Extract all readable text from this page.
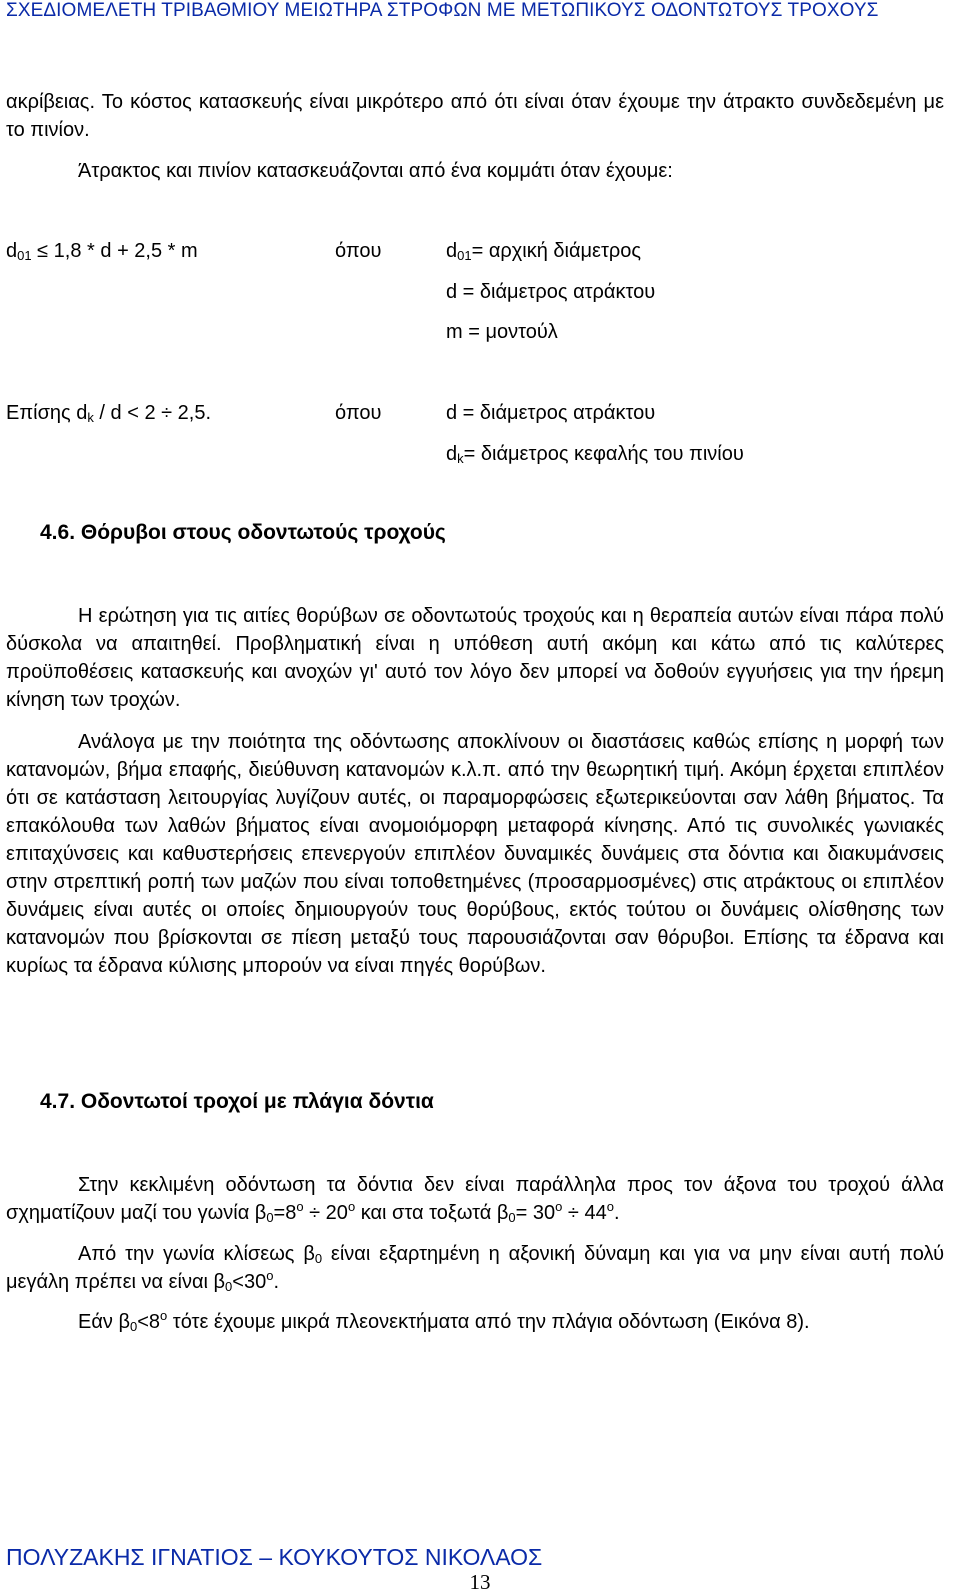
ΣΧΕΔΙΟΜΕΛΕΤΗ ΤΡΙΒΑΘΜΙΟΥ ΜΕΙΩΤΗΡΑ ΣΤΡΟΦΩΝ ΜΕ ΜΕΤΩΠΙΚΟΥΣ ΟΔΟΝΤΩΤΟΥΣ ΤΡΟΧΟΥΣ
ακρίβειας. Το κόστος κατασκευής είναι μικρότερο από ότι είναι όταν έχουμε την άτρακτο συνδεδεμένη με το πινίον.
Άτρακτος και πινίον κατασκευάζονται από ένα κομμάτι όταν έχουμε:
$d_{01} \le 1,8 * d + 2,5 * m$	όπου	$d_{01}= \alpha\rho\chi\iota\kappa ή$ διάμετρος
d = διάμετρος ατράκτου
m = μοντούλ
Επίσης $d_k / d < 2 \div 2,5$.	όπου	d = διάμετρος ατράκτου
$d_k= \delta\iota ά\mu\varepsilon\tau\rho o\varsigma$ κεφαλής του πινίου
4.6. Θόρυβοι στους οδοντωτούς τροχούς
Η ερώτηση για τις αιτίες θορύβων σε οδοντωτούς τροχούς και η θεραπεία αυτών είναι πάρα πολύ δύσκολα να απαιτηθεί. Προβληματική είναι η υπόθεση αυτή ακόμη και κάτω από τις καλύτερες προϋποθέσεις κατασκευής και ανοχών γι' αυτό τον λόγο δεν μπορεί να δοθούν εγγυήσεις για την ήρεμη κίνηση των τροχών.
Ανάλογα με την ποιότητα της οδόντωσης αποκλίνουν οι διαστάσεις καθώς επίσης η μορφή των κατανομών, βήμα επαφής, διεύθυνση κατανομών κ.λ.π. από την θεωρητική τιμή. Ακόμη έρχεται επιπλέον ότι σε κατάσταση λειτουργίας λυγίζουν αυτές, οι παραμορφώσεις εξωτερικεύονται σαν λάθη βήματος. Τα επακόλουθα των λαθών βήματος είναι ανομοιόμορφη μεταφορά κίνησης. Από τις συνολικές γωνιακές επιταχύνσεις και καθυστερήσεις επενεργούν επιπλέον δυναμικές δυνάμεις στα δόντια και διακυμάνσεις στην στρεπτική ροπή των μαζών που είναι τοποθετημένες (προσαρμοσμένες) στις ατράκτους οι επιπλέον δυνάμεις είναι αυτές οι οποίες δημιουργούν τους θορύβους, εκτός τούτου οι δυνάμεις ολίσθησης των κατανομών που βρίσκονται σε πίεση μεταξύ τους παρουσιάζονται σαν θόρυβοι. Επίσης τα έδρανα και κυρίως τα έδρανα κύλισης μπορούν να είναι πηγές θορύβων.
4.7. Οδοντωτοί τροχοί με πλάγια δόντια
Στην κεκλιμένη οδόντωση τα δόντια δεν είναι παράλληλα προς τον άξονα του τροχού άλλα σχηματίζουν μαζί του γωνία $\beta_0=8^o \div 20^o$ και στα τοξωτά $\beta_0= 30^o \div 44^o$.
Από την γωνία κλίσεως $\beta_0$ είναι εξαρτημένη η αξονική δύναμη και για να μην είναι αυτή πολύ μεγάλη πρέπει να είναι $\beta_0<30^o$.
Εάν $\beta_0<8^o$ τότε έχουμε μικρά πλεονεκτήματα από την πλάγια οδόντωση (Εικόνα 8).
ΠΟΛΥΖΑΚΗΣ ΙΓΝΑΤΙΟΣ – ΚΟΥΚΟΥΤΟΣ ΝΙΚΟΛΑΟΣ
13
